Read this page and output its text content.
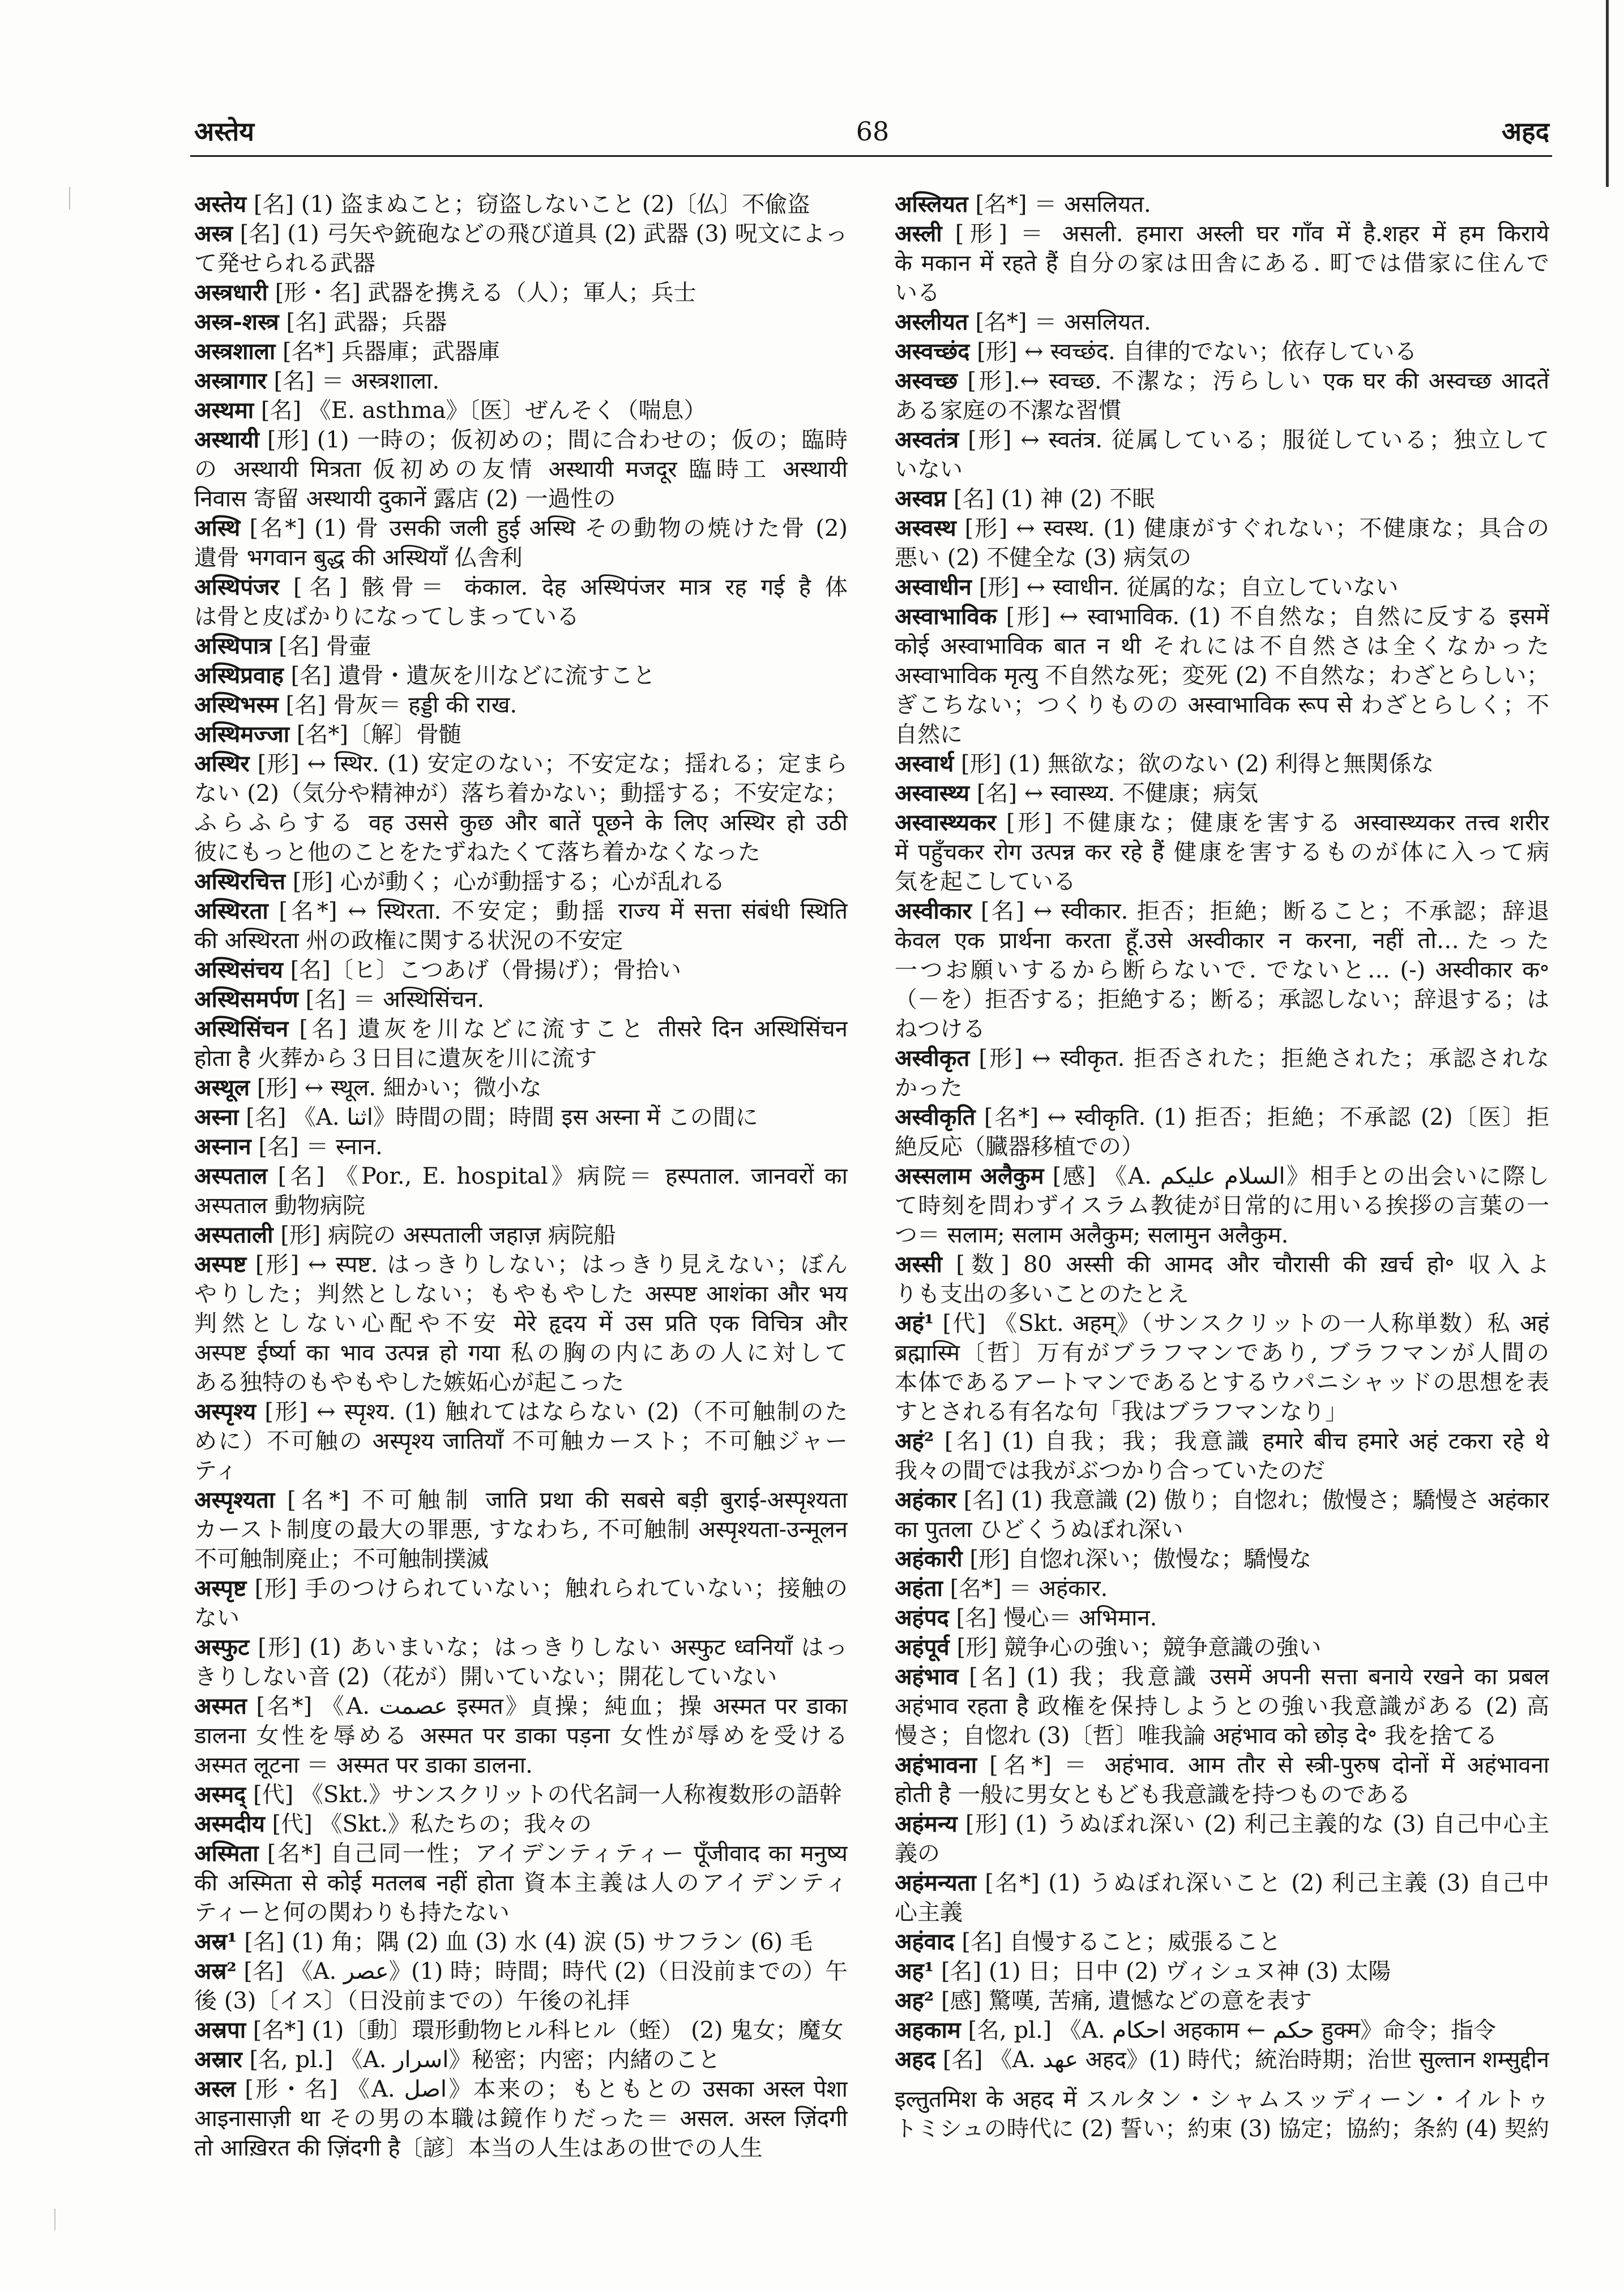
अस्तेय	68	अहद
अस्तेय [名] (1) 盗まぬこと；窃盗しないこと (2)〔仏〕不偸盗
अस्त्र [名] (1) 弓矢や銃砲などの飛び道具 (2) 武器 (3) 呪文によっ
て発せられる武器
अस्त्रधारी [形・名] 武器を携える（人）；軍人；兵士
अस्त्र-शस्त्र [名] 武器；兵器
अस्त्रशाला [名*] 兵器庫；武器庫
अस्त्रागार [名] ＝ अस्त्रशाला.
अस्थमा [名] 《E. asthma》〔医〕ぜんそく（喘息）
अस्थायी [形] (1) 一時の；仮初めの；間に合わせの；仮の；臨時
の अस्थायी मित्रता 仮初めの友情 अस्थायी मजदूर 臨時工 अस्थायी
निवास 寄留 अस्थायी दुकानें 露店 (2) 一過性の
अस्थि [名*] (1) 骨 उसकी जली हुई अस्थि その動物の焼けた骨 (2)
遺骨 भगवान बुद्ध की अस्थियाँ 仏舎利
अस्थिपंजर [名] 骸骨＝ कंकाल. देह अस्थिपंजर मात्र रह गई है 体
は骨と皮ばかりになってしまっている
अस्थिपात्र [名] 骨壷
अस्थिप्रवाह [名] 遺骨・遺灰を川などに流すこと
अस्थिभस्म [名] 骨灰＝ हड्डी की राख.
अस्थिमज्जा [名*]〔解〕骨髄
अस्थिर [形] ↔ स्थिर. (1) 安定のない；不安定な；揺れる；定まら
ない (2)（気分や精神が）落ち着かない；動揺する；不安定な；
ふらふらする वह उससे कुछ और बातें पूछने के लिए अस्थिर हो उठी
彼にもっと他のことをたずねたくて落ち着かなくなった
अस्थिरचित्त [形] 心が動く；心が動揺する；心が乱れる
अस्थिरता [名*] ↔ स्थिरता. 不安定；動揺 राज्य में सत्ता संबंधी स्थिति
की अस्थिरता 州の政権に関する状況の不安定
अस्थिसंचय [名]〔ヒ〕こつあげ（骨揚げ）；骨拾い
अस्थिसमर्पण [名] ＝ अस्थिसिंचन.
अस्थिसिंचन [名] 遺灰を川などに流すこと तीसरे दिन अस्थिसिंचन
होता है 火葬から３日目に遺灰を川に流す
अस्थूल [形] ↔ स्थूल. 細かい；微小な
अस्ना [名] 《A. اثنا》時間の間；時間 इस अस्ना में この間に
अस्नान [名] ＝ स्नान.
अस्पताल [名] 《Por., E. hospital》病院＝ हस्पताल. जानवरों का
अस्पताल 動物病院
अस्पताली [形] 病院の अस्पताली जहाज़ 病院船
अस्पष्ट [形] ↔ स्पष्ट. はっきりしない；はっきり見えない；ぼん
やりした；判然としない；もやもやした अस्पष्ट आशंका और भय
判然としない心配や不安 मेरे हृदय में उस प्रति एक विचित्र और
अस्पष्ट ईर्ष्या का भाव उत्पन्न हो गया 私の胸の内にあの人に対して
ある独特のもやもやした嫉妬心が起こった
अस्पृश्य [形] ↔ स्पृश्य. (1) 触れてはならない (2)（不可触制のた
めに）不可触の अस्पृश्य जातियाँ 不可触カースト；不可触ジャー
ティ
अस्पृश्यता [名*] 不可触制 जाति प्रथा की सबसे बड़ी बुराई-अस्पृश्यता
カースト制度の最大の罪悪, すなわち, 不可触制 अस्पृश्यता-उन्मूलन
不可触制廃止；不可触制撲滅
अस्पृष्ट [形] 手のつけられていない；触れられていない；接触の
ない
अस्फुट [形] (1) あいまいな；はっきりしない अस्फुट ध्वनियाँ はっ
きりしない音 (2)（花が）開いていない；開花していない
अस्मत [名*] 《A. عصمت इस्मत》貞操；純血；操 अस्मत पर डाका
डालना 女性を辱める अस्मत पर डाका पड़ना 女性が辱めを受ける
अस्मत लूटना ＝ अस्मत पर डाका डालना.
अस्मद् [代] 《Skt.》サンスクリットの代名詞一人称複数形の語幹
अस्मदीय [代] 《Skt.》私たちの；我々の
अस्मिता [名*] 自己同一性；アイデンティティー पूँजीवाद का मनुष्य
की अस्मिता से कोई मतलब नहीं होता 資本主義は人のアイデンティ
ティーと何の関わりも持たない
अस्र¹ [名] (1) 角；隅 (2) 血 (3) 水 (4) 涙 (5) サフラン (6) 毛
अस्र² [名] 《A. عصر》(1) 時；時間；時代 (2)（日没前までの）午
後 (3)〔イス〕（日没前までの）午後の礼拝
अस्रपा [名*] (1)〔動〕環形動物ヒル科ヒル（蛭） (2) 鬼女；魔女
अस्रार [名, pl.] 《A. اسرار》秘密；内密；内緒のこと
अस्ल [形・名] 《A. اصل》本来の；もともとの उसका अस्ल पेशा
आइनासाज़ी था その男の本職は鏡作りだった＝ असल. अस्ल ज़िंदगी
तो आख़िरत की ज़िंदगी है〔諺〕本当の人生はあの世での人生
अस्लियत [名*] ＝ असलियत.
अस्ली [形] ＝ असली. हमारा अस्ली घर गाँव में है.शहर में हम किराये
के मकान में रहते हैं 自分の家は田舎にある. 町では借家に住んで
いる
अस्लीयत [名*] ＝ असलियत.
अस्वच्छंद [形] ↔ स्वच्छंद. 自律的でない；依存している
अस्वच्छ [形].↔ स्वच्छ. 不潔な；汚らしい एक घर की अस्वच्छ आदतें
ある家庭の不潔な習慣
अस्वतंत्र [形] ↔ स्वतंत्र. 従属している；服従している；独立して
いない
अस्वप्न [名] (1) 神 (2) 不眠
अस्वस्थ [形] ↔ स्वस्थ. (1) 健康がすぐれない；不健康な；具合の
悪い (2) 不健全な (3) 病気の
अस्वाधीन [形] ↔ स्वाधीन. 従属的な；自立していない
अस्वाभाविक [形] ↔ स्वाभाविक. (1) 不自然な；自然に反する इसमें
कोई अस्वाभाविक बात न थी それには不自然さは全くなかった
अस्वाभाविक मृत्यु 不自然な死；変死 (2) 不自然な；わざとらしい；
ぎこちない；つくりものの अस्वाभाविक रूप से わざとらしく；不
自然に
अस्वार्थ [形] (1) 無欲な；欲のない (2) 利得と無関係な
अस्वास्थ्य [名] ↔ स्वास्थ्य. 不健康；病気
अस्वास्थ्यकर [形] 不健康な；健康を害する अस्वास्थ्यकर तत्त्व शरीर
में पहुँचकर रोग उत्पन्न कर रहे हैं 健康を害するものが体に入って病
気を起こしている
अस्वीकार [名] ↔ स्वीकार. 拒否；拒絶；断ること；不承認；辞退
केवल एक प्रार्थना करता हूँ.उसे अस्वीकार न करना, नहीं तो…たった
一つお願いするから断らないで. でないと… (-) अस्वीकार क॰
（－を）拒否する；拒絶する；断る；承認しない；辞退する；は
ねつける
अस्वीकृत [形] ↔ स्वीकृत. 拒否された；拒絶された；承認されな
かった
अस्वीकृति [名*] ↔ स्वीकृति. (1) 拒否；拒絶；不承認 (2)〔医〕拒
絶反応（臓器移植での）
अस्सलाम अलैकुम [感] 《A. السلام عليكم》相手との出会いに際し
て時刻を問わずイスラム教徒が日常的に用いる挨拶の言葉の一
つ＝ सलाम; सलाम अलैकुम; सलामुन अलैकुम.
अस्सी [数] 80 अस्सी की आमद और चौरासी की ख़र्च हो॰ 収入よ
りも支出の多いことのたとえ
अहं¹ [代] 《Skt. अहम्》（サンスクリットの一人称単数）私 अहं
ब्रह्मास्मि〔哲〕万有がブラフマンであり, ブラフマンが人間の
本体であるアートマンであるとするウパニシャッドの思想を表
すとされる有名な句「我はブラフマンなり」
अहं² [名] (1) 自我；我；我意識 हमारे बीच हमारे अहं टकरा रहे थे
我々の間では我がぶつかり合っていたのだ
अहंकार [名] (1) 我意識 (2) 傲り；自惚れ；傲慢さ；驕慢さ अहंकार
का पुतला ひどくうぬぼれ深い
अहंकारी [形] 自惚れ深い；傲慢な；驕慢な
अहंता [名*] ＝ अहंकार.
अहंपद [名] 慢心＝ अभिमान.
अहंपूर्व [形] 競争心の強い；競争意識の強い
अहंभाव [名] (1) 我；我意識 उसमें अपनी सत्ता बनाये रखने का प्रबल
अहंभाव रहता है 政権を保持しようとの強い我意識がある (2) 高
慢さ；自惚れ (3)〔哲〕唯我論 अहंभाव को छोड़ दे॰ 我を捨てる
अहंभावना [名*] ＝ अहंभाव. आम तौर से स्त्री-पुरुष दोनों में अहंभावना
होती है 一般に男女ともども我意識を持つものである
अहंमन्य [形] (1) うぬぼれ深い (2) 利己主義的な (3) 自己中心主
義の
अहंमन्यता [名*] (1) うぬぼれ深いこと (2) 利己主義 (3) 自己中
心主義
अहंवाद [名] 自慢すること；威張ること
अह¹ [名] (1) 日；日中 (2) ヴィシュヌ神 (3) 太陽
अह² [感] 驚嘆, 苦痛, 遺憾などの意を表す
अहकाम [名, pl.] 《A. احكام अहकाम ← حكم हुक्म》命令；指令
अहद [名] 《A. عهد अहद》(1) 時代；統治時期；治世 सुल्तान शम्सुद्दीन
इल्तुतमिश के अहद में スルタン・シャムスッディーン・イルトゥ
トミシュの時代に (2) 誓い；約束 (3) 協定；協約；条約 (4) 契約
